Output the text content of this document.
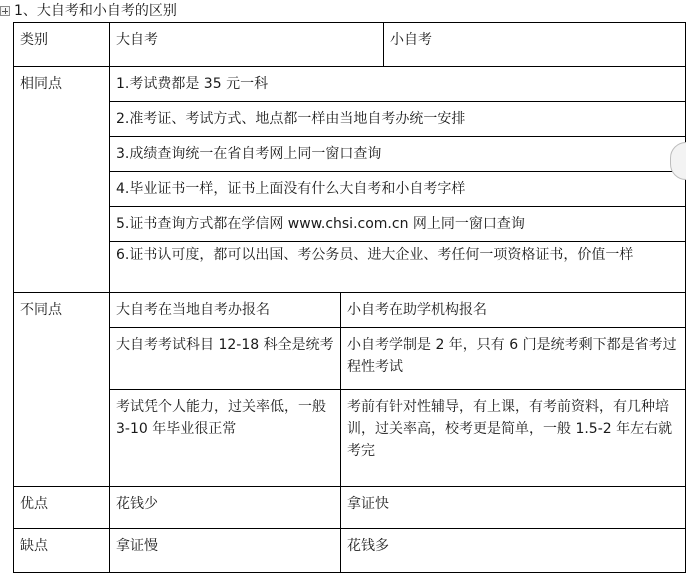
1、大自考和小自考的区别
类别	大自考		小自考
相同点	1.考试费都是 35 元一科		
	2.准考证、考试方式、地点都一样由当地自考办统一安排		
	3.成绩查询统一在省自考网上同一窗口查询		
	4.毕业证书一样，证书上面没有什么大自考和小自考字样		
	5.证书查询方式都在学信网 www.chsi.com.cn 网上同一窗口查询		
	6.证书认可度，都可以出国、考公务员、进大企业、考任何一项资格证书，价值一样		
不同点	大自考在当地自考办报名	小自考在助学机构报名	
	大自考考试科目 12-18 科全是统考	小自考学制是 2 年，只有 6 门是统考剩下都是省考过程性考试	
	考试凭个人能力，过关率低，一般 3-10 年毕业很正常	考前有针对性辅导，有上课，有考前资料，有几种培训，过关率高，校考更是简单，一般 1.5-2 年左右就考完	
优点	花钱少	拿证快	
缺点	拿证慢	花钱多	
